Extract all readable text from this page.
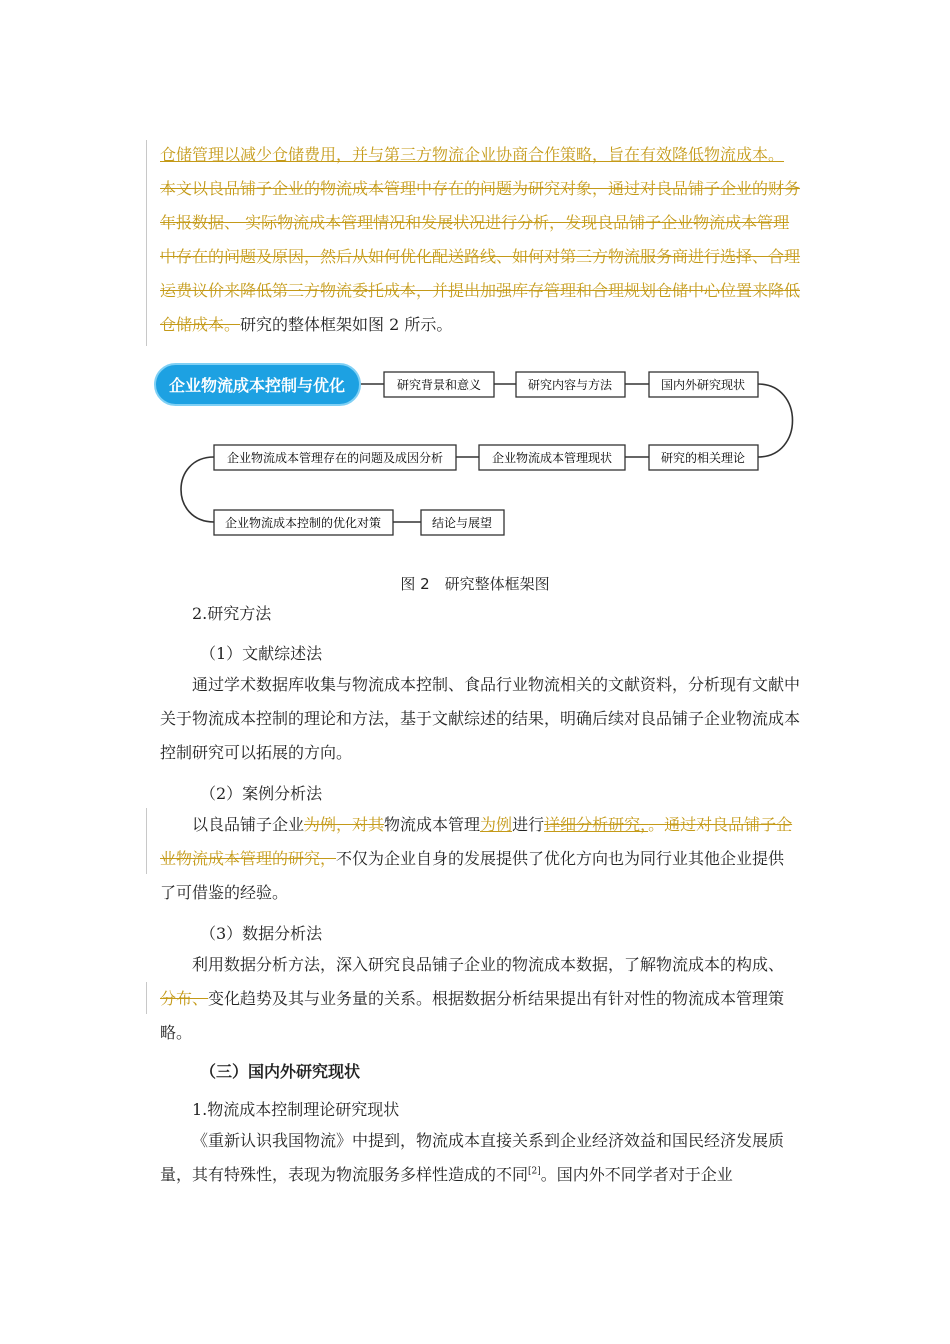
仓储管理以减少仓储费用，并与第三方物流企业协商合作策略，旨在有效降低物流成本。本文以良品铺子企业的物流成本管理中存在的问题为研究对象，通过对良品铺子企业的财务年报数据、 实际物流成本管理情况和发展状况进行分析，发现良品铺子企业物流成本管理中存在的问题及原因，然后从如何优化配送路线、如何对第三方物流服务商进行选择、合理运费议价来降低第三方物流委托成本，并提出加强库存管理和合理规划仓储中心位置来降低仓储成本。研究的整体框架如图 2 所示。

企业物流成本控制与优化	研究背景和意义	研究内容与方法	国内外研究现状
研究的相关理论
企业物流成本管理现状
企业物流成本管理存在的问题及成因分析
企业物流成本控制的优化对策	结论与展望

图 2　研究整体框架图

2.研究方法

（1）文献综述法

通过学术数据库收集与物流成本控制、食品行业物流相关的文献资料，分析现有文献中关于物流成本控制的理论和方法，基于文献综述的结果，明确后续对良品铺子企业物流成本控制研究可以拓展的方向。

（2）案例分析法

以良品铺子企业为例，对其物流成本管理为例进行详细分析研究，。通过对良品铺子企业物流成本管理的研究，不仅为企业自身的发展提供了优化方向也为同行业其他企业提供了可借鉴的经验。

（3）数据分析法

利用数据分析方法，深入研究良品铺子企业的物流成本数据，了解物流成本的构成、分布、变化趋势及其与业务量的关系。根据数据分析结果提出有针对性的物流成本管理策略。

（三）国内外研究现状

1.物流成本控制理论研究现状

《重新认识我国物流》中提到，物流成本直接关系到企业经济效益和国民经济发展质量，其有特殊性，表现为物流服务多样性造成的不同[2]。国内外不同学者对于企业
